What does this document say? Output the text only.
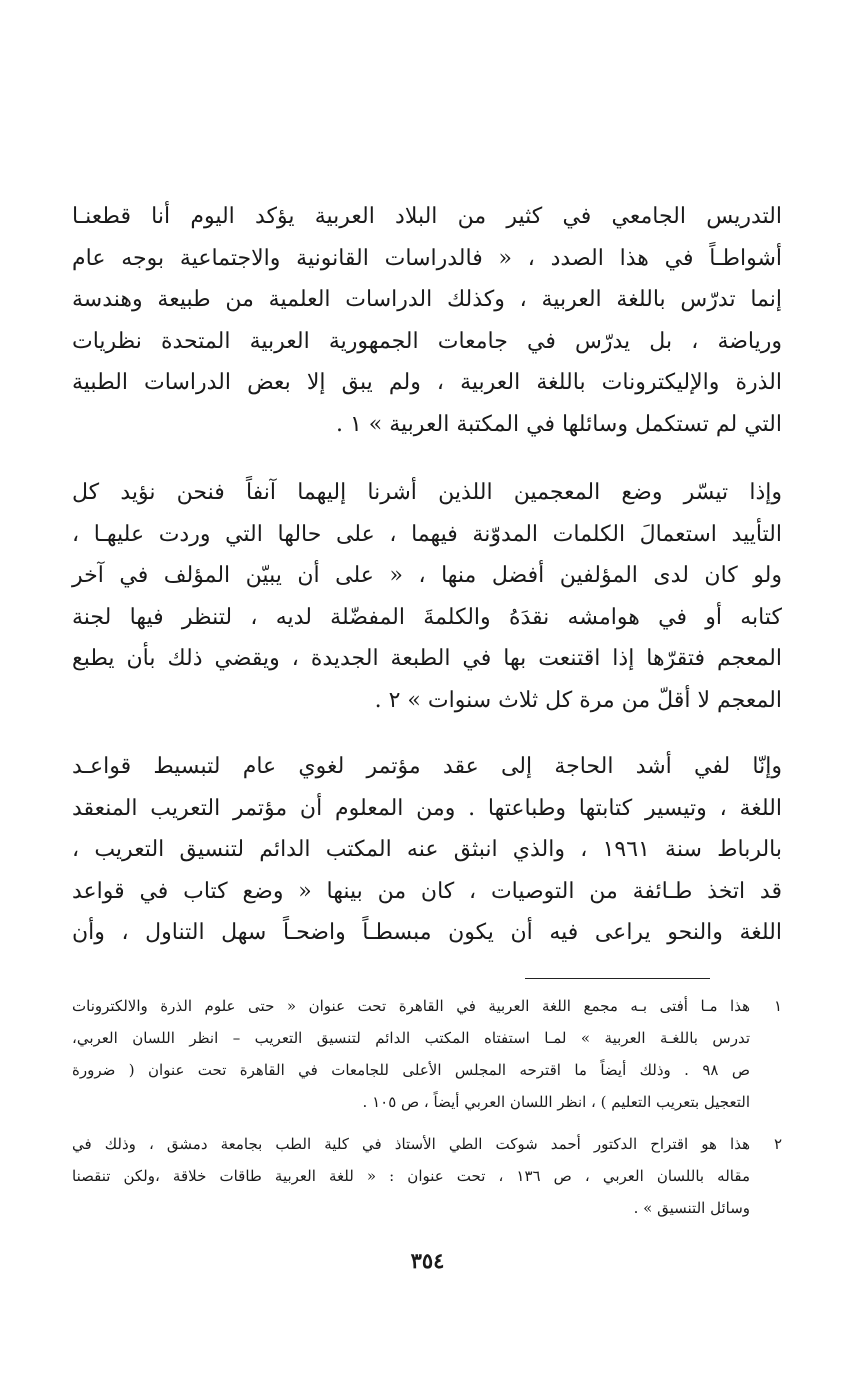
التدريس الجامعي في كثير من البلاد العربية يؤكد اليوم أنا قطعنـا
أشواطـاً في هذا الصدد ، « فالدراسات القانونية والاجتماعية بوجه عام
إنما تدرّس باللغة العربية ، وكذلك الدراسات العلمية من طبيعة وهندسة
ورياضة ، بل يدرّس في جامعات الجمهورية العربية المتحدة نظريات
الذرة والإليكترونات باللغة العربية ، ولم يبق إلا بعض الدراسات الطبية
التي لم تستكمل وسائلها في المكتبة العربية » ١ .
وإذا تيسّر وضع المعجمين اللذين أشرنا إليهما آنفاً فنحن نؤيد كل
التأييد استعمالَ الكلمات المدوّنة فيهما ، على حالها التي وردت عليهـا ،
ولو كان لدى المؤلفين أفضل منها ، « على أن يبيّن المؤلف في آخر
كتابه أو في هوامشه نقدَهُ والكلمةَ المفضّلة لديه ، لتنظر فيها لجنة
المعجم فتقرّها إذا اقتنعت بها في الطبعة الجديدة ، ويقضي ذلك بأن يطبع
المعجم لا أقلّ من مرة كل ثلاث سنوات » ٢ .
وإنّا لفي أشد الحاجة إلى عقد مؤتمر لغوي عام لتبسيط قواعـد
اللغة ، وتيسير كتابتها وطباعتها . ومن المعلوم أن مؤتمر التعريب المنعقد
بالرباط سنة ١٩٦١ ، والذي انبثق عنه المكتب الدائم لتنسيق التعريب ،
قد اتخذ طـائفة من التوصيات ، كان من بينها « وضع كتاب في قواعد
اللغة والنحو يراعى فيه أن يكون مبسطـاً واضحـاً سهل التناول ، وأن
١
هذا مـا أفتى بـه مجمع اللغة العربية في القاهرة تحت عنوان « حتى علوم الذرة والالكترونات
تدرس باللغـة العربية » لمـا استفتاه المكتب الدائم لتنسيق التعريب – انظر اللسان العربي،
ص ٩٨ . وذلك أيضاً ما اقترحه المجلس الأعلى للجامعات في القاهرة تحت عنوان ( ضرورة
التعجيل بتعريب التعليم ) ، انظر اللسان العربي أيضاً ، ص ١٠٥ .
٢
هذا هو اقتراح الدكتور أحمد شوكت الطي الأستاذ في كلية الطب بجامعة دمشق ، وذلك في
مقاله باللسان العربي ، ص ١٣٦ ، تحت عنوان : « للغة العربية طاقات خلاقة ،ولكن تنقصنا
وسائل التنسيق » .
٣٥٤
